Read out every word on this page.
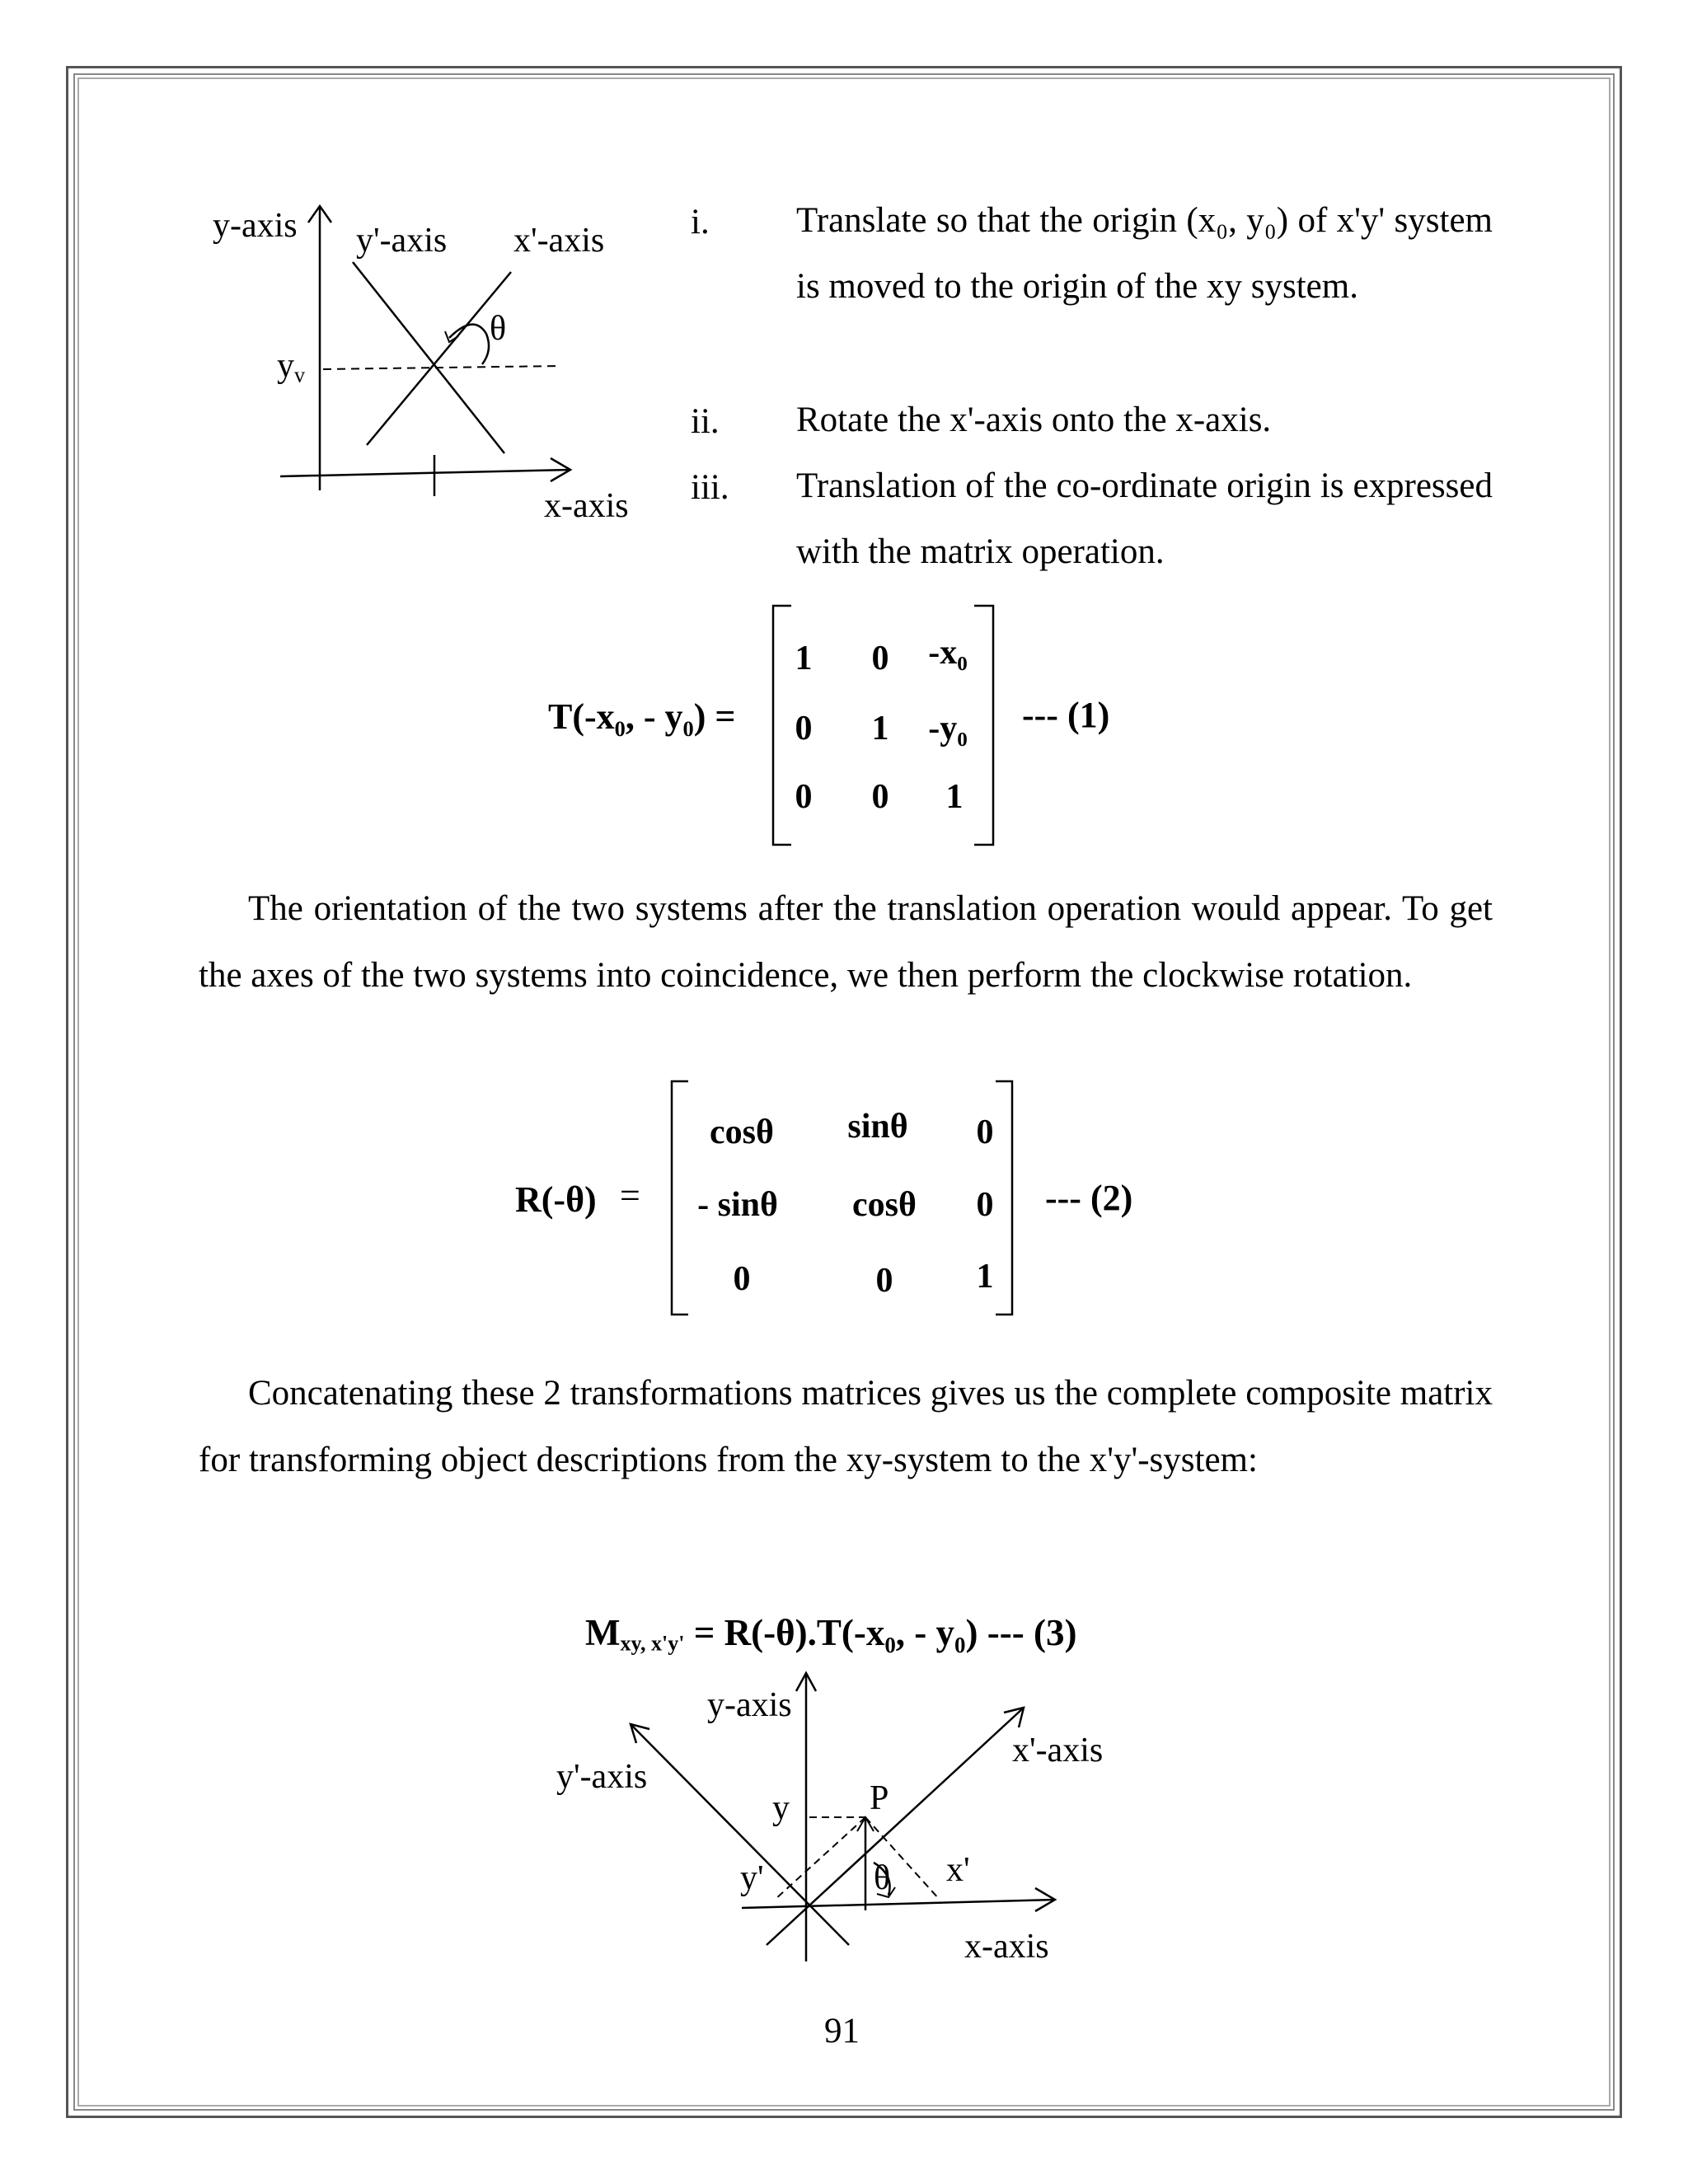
y-axis y'-axis x'-axis
θ
$y_v$
x-axis
i. Translate so that the origin (x₀, y₀) of x'y' system is moved to the origin of the xy system.
ii. Rotate the x'-axis onto the x-axis.
iii. Translation of the co-ordinate origin is expressed with the matrix operation.
T(-x₀, - y₀) =
1 0 -x₀
0 1 -y₀
0 0 1
--- (1)
The orientation of the two systems after the translation operation would appear. To get the axes of the two systems into coincidence, we then perform the clockwise rotation.
R(-θ) =
cosθ	sinθ	0
- sinθ	cosθ	0
0	0 1
--- (2)
Concatenating these 2 transformations matrices gives us the complete composite matrix for transforming object descriptions from the xy-system to the x'y'-system:
$M_{xy, x'y'} = R(-\theta).T(-x_0$, - y₀) --- (3)
y-axis
x'-axis
y'-axis
P
y
y'	θ x'
x-axis
91
